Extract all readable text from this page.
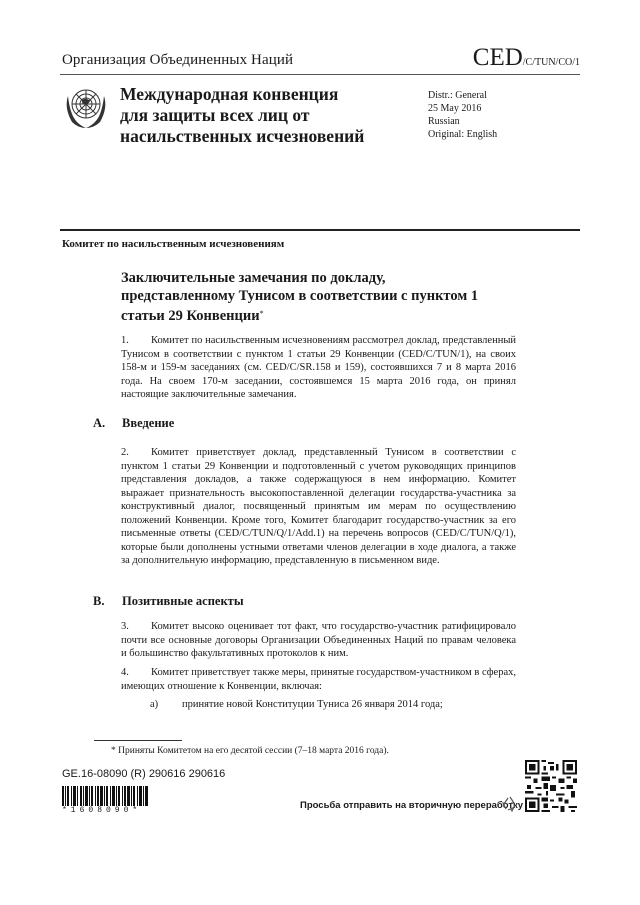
Организация Объединенных Наций	CED/C/TUN/CO/1
Международная конвенция
для защиты всех лиц от
насильственных исчезновений
Distr.: General
25 May 2016
Russian
Original: English
Комитет по насильственным исчезновениям
Заключительные замечания по докладу,
представленному Тунисом в соответствии с пунктом 1
статьи 29 Конвенции*
1. Комитет по насильственным исчезновениям рассмотрел доклад, представленный Тунисом в соответствии с пунктом 1 статьи 29 Конвенции (CED/C/TUN/1), на своих 158-м и 159-м заседаниях (см. CED/C/SR.158 и 159), состоявшихся 7 и 8 марта 2016 года. На своем 170-м заседании, состоявшемся 15 марта 2016 года, он принял настоящие заключительные замечания.
A. Введение
2. Комитет приветствует доклад, представленный Тунисом в соответствии с пунктом 1 статьи 29 Конвенции и подготовленный с учетом руководящих принципов представления докладов, а также содержащуюся в нем информацию. Комитет выражает признательность высокопоставленной делегации государства-участника за конструктивный диалог, посвященный принятым им мерам по осуществлению положений Конвенции. Кроме того, Комитет благодарит государство-участник за его письменные ответы (CED/C/TUN/Q/1/Add.1) на перечень вопросов (CED/C/TUN/Q/1), которые были дополнены устными ответами членов делегации в ходе диалога, а также за дополнительную информацию, представленную в письменном виде.
B. Позитивные аспекты
3. Комитет высоко оценивает тот факт, что государство-участник ратифицировало почти все основные договоры Организации Объединенных Наций по правам человека и большинство факультативных протоколов к ним.
4. Комитет приветствует также меры, принятые государством-участником в сферах, имеющих отношение к Конвенции, включая:
a) принятие новой Конституции Туниса 26 января 2014 года;
* Приняты Комитетом на его десятой сессии (7–18 марта 2016 года).
GE.16-08090 (R) 290616 290616
*1608090*	Просьба отправить на вторичную переработку
